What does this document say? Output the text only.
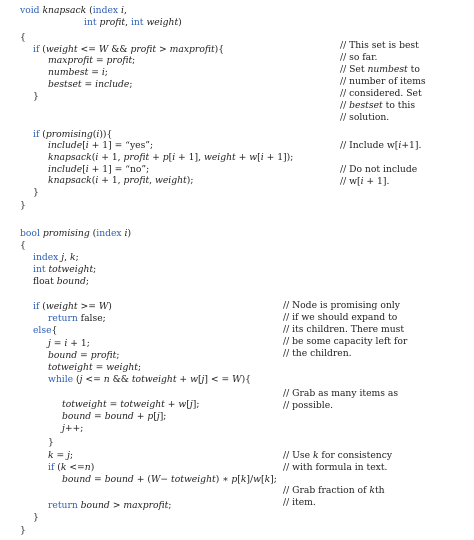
void knapsack (index i,
int profit, int weight)
{
if (weight <= W && profit > maxprofit){
maxprofit = profit;
numbest = i;
bestset = include;
}
if (promising(i)){
include[i + 1] = “yes”;
knapsack(i + 1, profit + p[i + 1], weight + w[i + 1]);
include[i + 1] = “no”;
knapsack(i + 1, profit, weight);
}
}
bool promising (index i)
{
index j, k;
int totweight;
float bound;
if (weight >= W)
return false;
else{
j = i + 1;
bound = profit;
totweight = weight;
while (j <= n && totweight + w[j] < = W){
totweight = totweight + w[j];
bound = bound + p[j];
j++;
}
k = j;
if (k <=n)
bound = bound + (W− totweight) ∗ p[k]/w[k];
return bound > maxprofit;
}
}
// This set is best
// so far.
// Set numbest to
// number of items
// considered. Set
// bestset to this
// solution.
// Include w[i+1].
// Do not include
// w[i + 1].
// Node is promising only
// if we should expand to
// its children. There must
// be some capacity left for
// the children.
// Grab as many items as
// possible.
// Use k for consistency
// with formula in text.
// Grab fraction of kth
// item.
